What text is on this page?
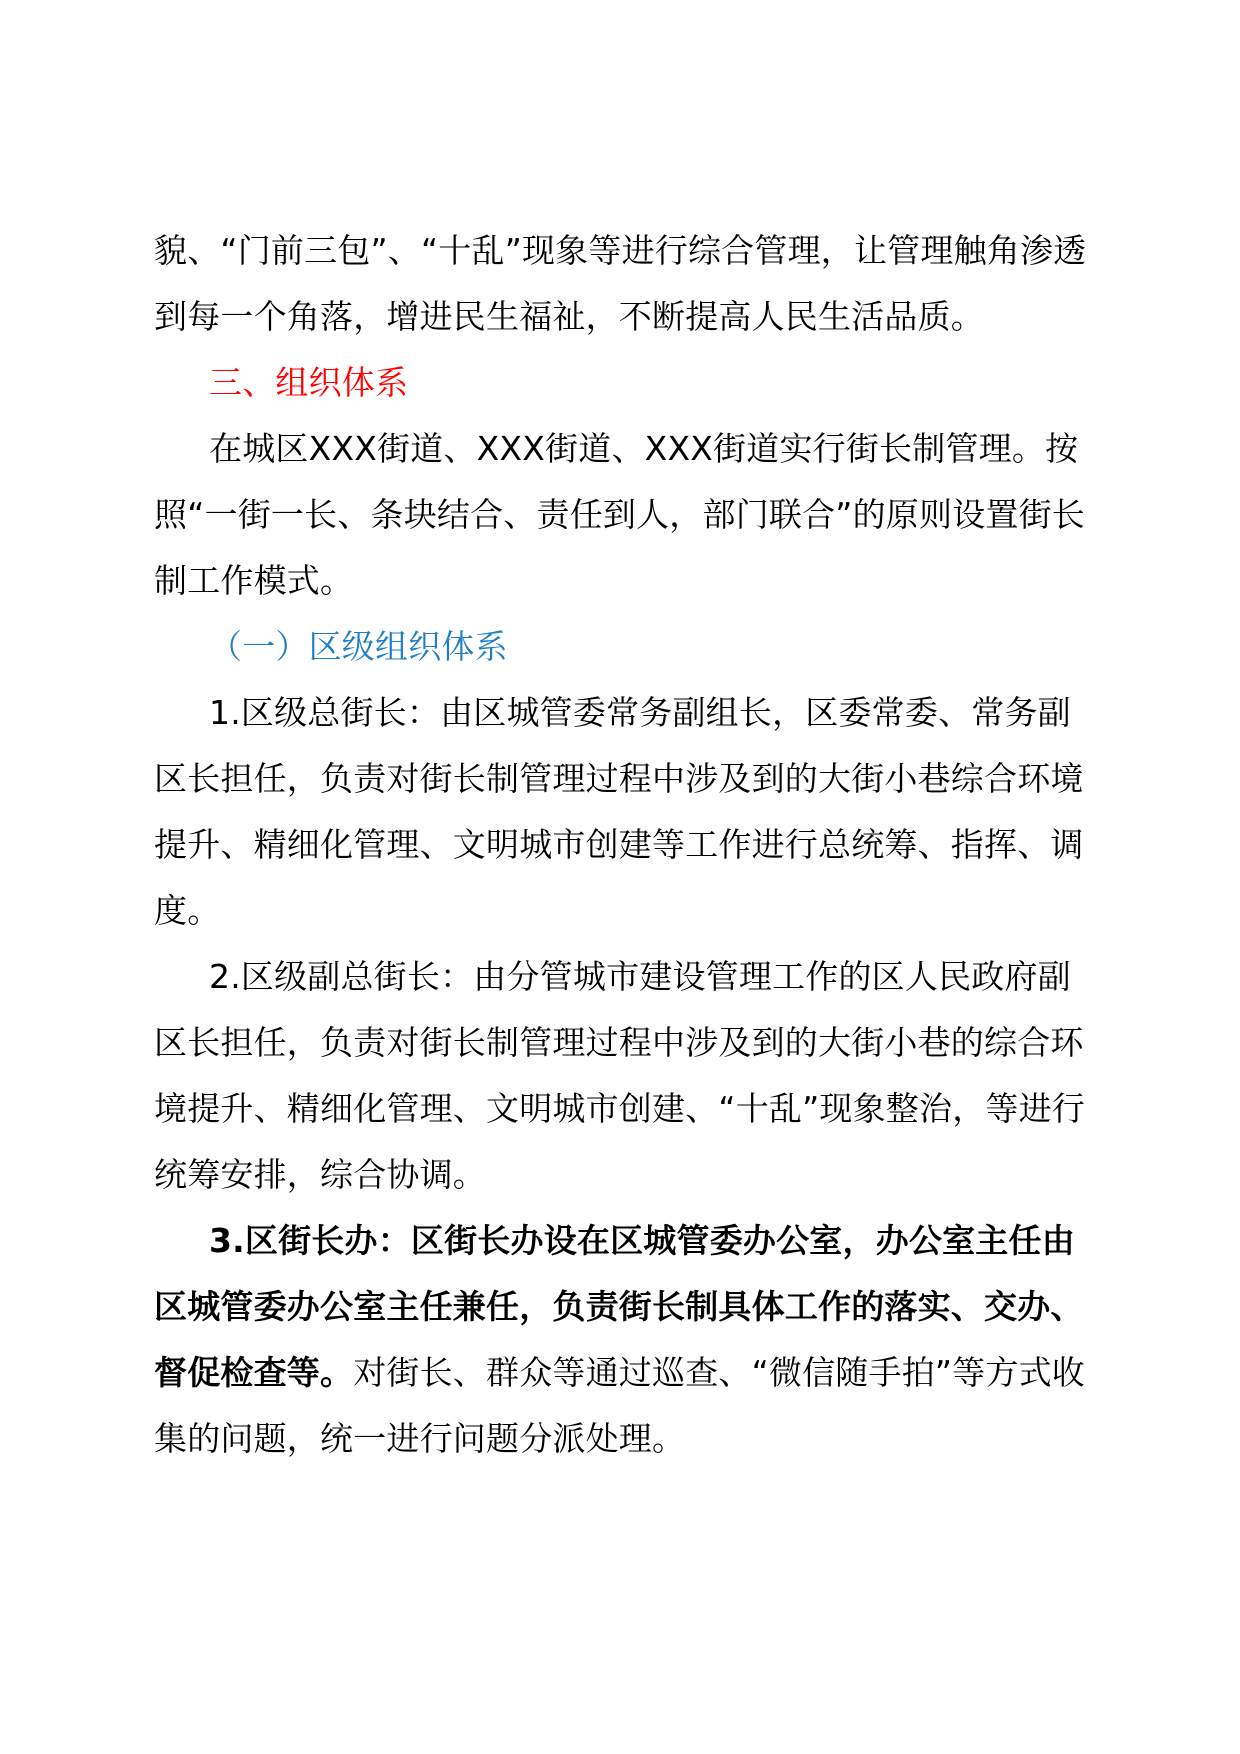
貌、“门前三包”、“十乱”现象等进行综合管理，让管理触角渗透到每一个角落，增进民生福祉，不断提高人民生活品质。

三、组织体系

在城区XXX街道、XXX街道、XXX街道实行街长制管理。按照“一街一长、条块结合、责任到人，部门联合”的原则设置街长制工作模式。

（一）区级组织体系

1.区级总街长：由区城管委常务副组长，区委常委、常务副区长担任，负责对街长制管理过程中涉及到的大街小巷综合环境提升、精细化管理、文明城市创建等工作进行总统筹、指挥、调度。

2.区级副总街长：由分管城市建设管理工作的区人民政府副区长担任，负责对街长制管理过程中涉及到的大街小巷的综合环境提升、精细化管理、文明城市创建、“十乱”现象整治，等进行统筹安排，综合协调。

3.区街长办：区街长办设在区城管委办公室，办公室主任由区城管委办公室主任兼任，负责街长制具体工作的落实、交办、督促检查等。对街长、群众等通过巡查、“微信随手拍”等方式收集的问题，统一进行问题分派处理。
